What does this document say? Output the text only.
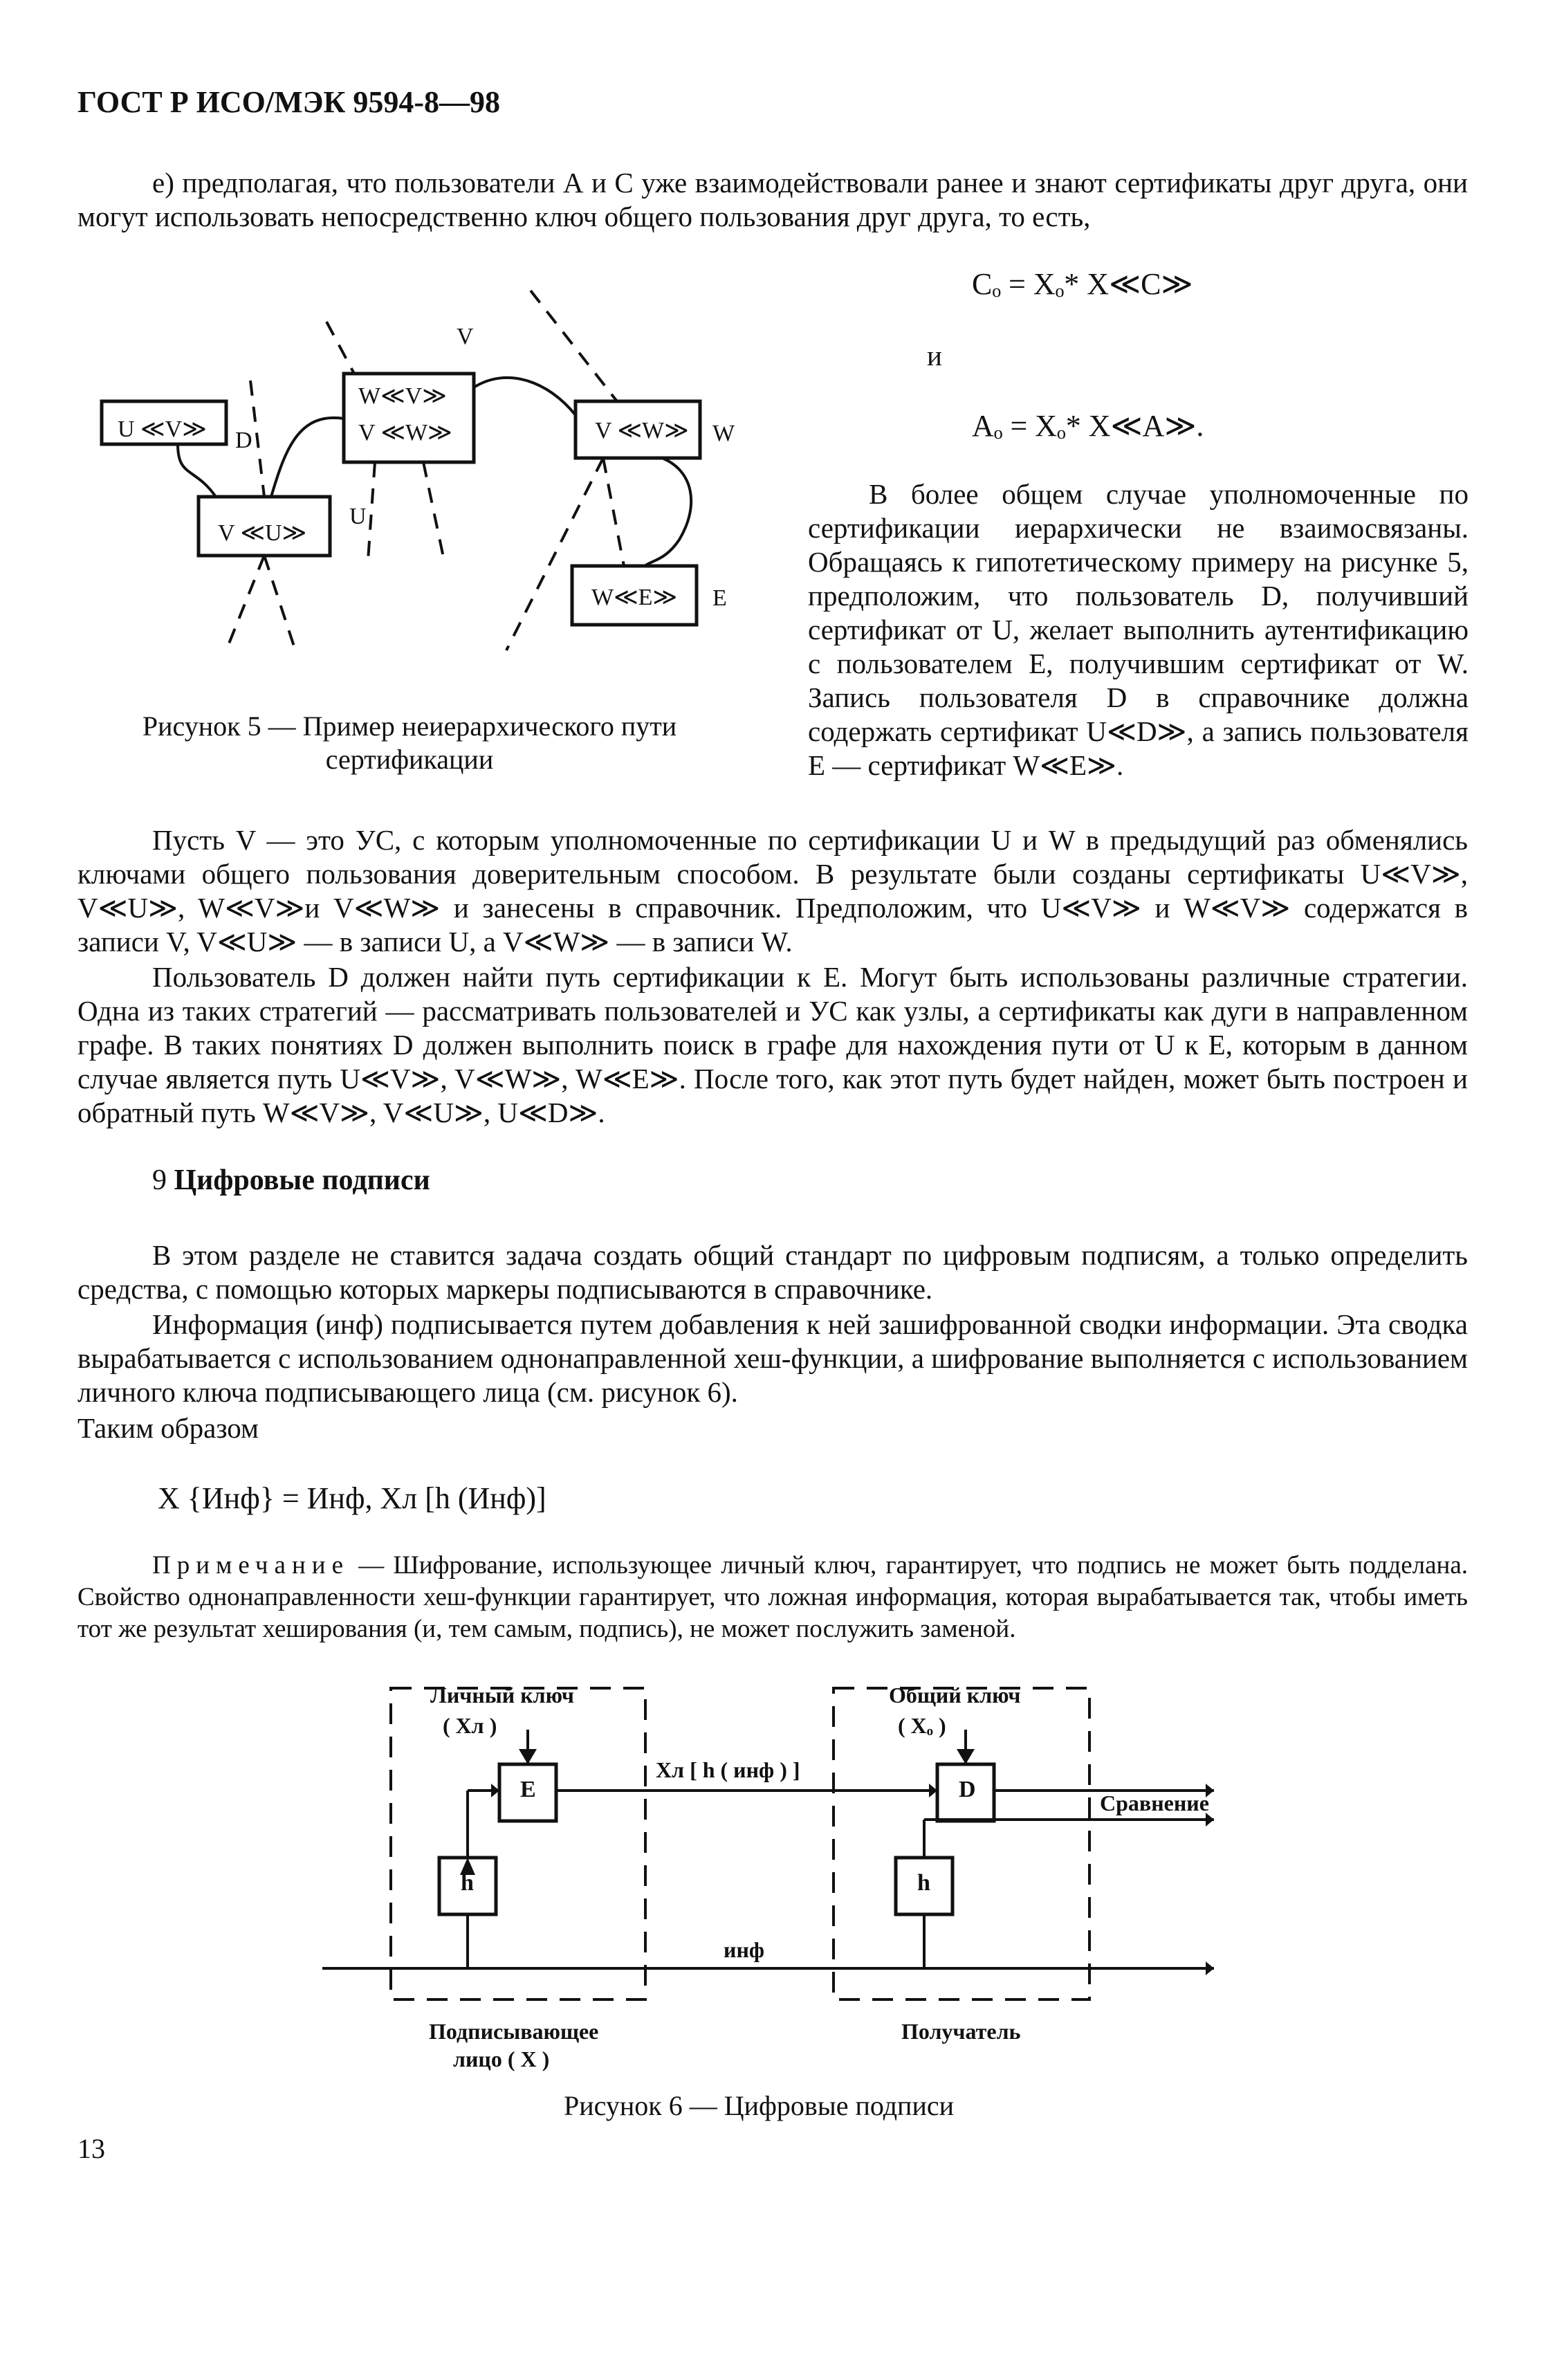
ГОСТ Р ИСО/МЭК 9594-8—98
е) предполагая, что пользователи А и С уже взаимодействовали ранее и знают сертификаты друг друга, они могут использовать непосредственно ключ общего пользования друг друга, то есть,
Cₒ = Xₒ* X≪C≫
и
Aₒ = Xₒ* X≪A≫.
U ≪V≫
W≪V≫
V ≪W≫
V ≪U≫
V ≪W≫
W≪E≫
V
D
U
W
E
Рисунок 5 — Пример неиерархического пути сертификации
В более общем случае уполномоченные по сертификации иерархически не взаимосвязаны. Обращаясь к гипотетическому примеру на рисунке 5, предположим, что пользователь D, получивший сертификат от U, желает выполнить аутентификацию с пользователем Е, получившим сертификат от W. Запись пользователя D в справочнике должна содержать сертификат U≪D≫, а запись пользователя Е — сертификат W≪E≫.
Пусть V — это УС, с которым уполномоченные по сертификации U и W в предыдущий раз обменялись ключами общего пользования доверительным способом. В результате были созданы сертификаты U≪V≫, V≪U≫, W≪V≫и V≪W≫ и занесены в справочник. Предположим, что U≪V≫ и W≪V≫ содержатся в записи V, V≪U≫ — в записи U, а V≪W≫ — в записи W.
Пользователь D должен найти путь сертификации к Е. Могут быть использованы различные стратегии. Одна из таких стратегий — рассматривать пользователей и УС как узлы, а сертификаты как дуги в направленном графе. В таких понятиях D должен выполнить поиск в графе для нахождения пути от U к Е, которым в данном случае является путь U≪V≫, V≪W≫, W≪E≫. После того, как этот путь будет найден, может быть построен и обратный путь W≪V≫, V≪U≫, U≪D≫.
9 Цифровые подписи
В этом разделе не ставится задача создать общий стандарт по цифровым подписям, а только определить средства, с помощью которых маркеры подписываются в справочнике.
Информация (инф) подписывается путем добавления к ней зашифрованной сводки информации. Эта сводка вырабатывается с использованием однонаправленной хеш-функции, а шифрование выполняется с использованием личного ключа подписывающего лица (см. рисунок 6).
Таким образом
X {Инф} = Инф, Хл [h (Инф)]
Примечание — Шифрование, использующее личный ключ, гарантирует, что подпись не может быть подделана. Свойство однонаправленности хеш-функции гарантирует, что ложная информация, которая вырабатывается так, чтобы иметь тот же результат хеширования (и, тем самым, подпись), не может послужить заменой.
Личный ключ
( Xл )
Общий ключ
( Xₒ )
E	D
h	h
Xл [ h ( инф ) ]
Сравнение
инф
Подписывающее
лицо ( X )
Получатель
Рисунок 6 — Цифровые подписи
13
